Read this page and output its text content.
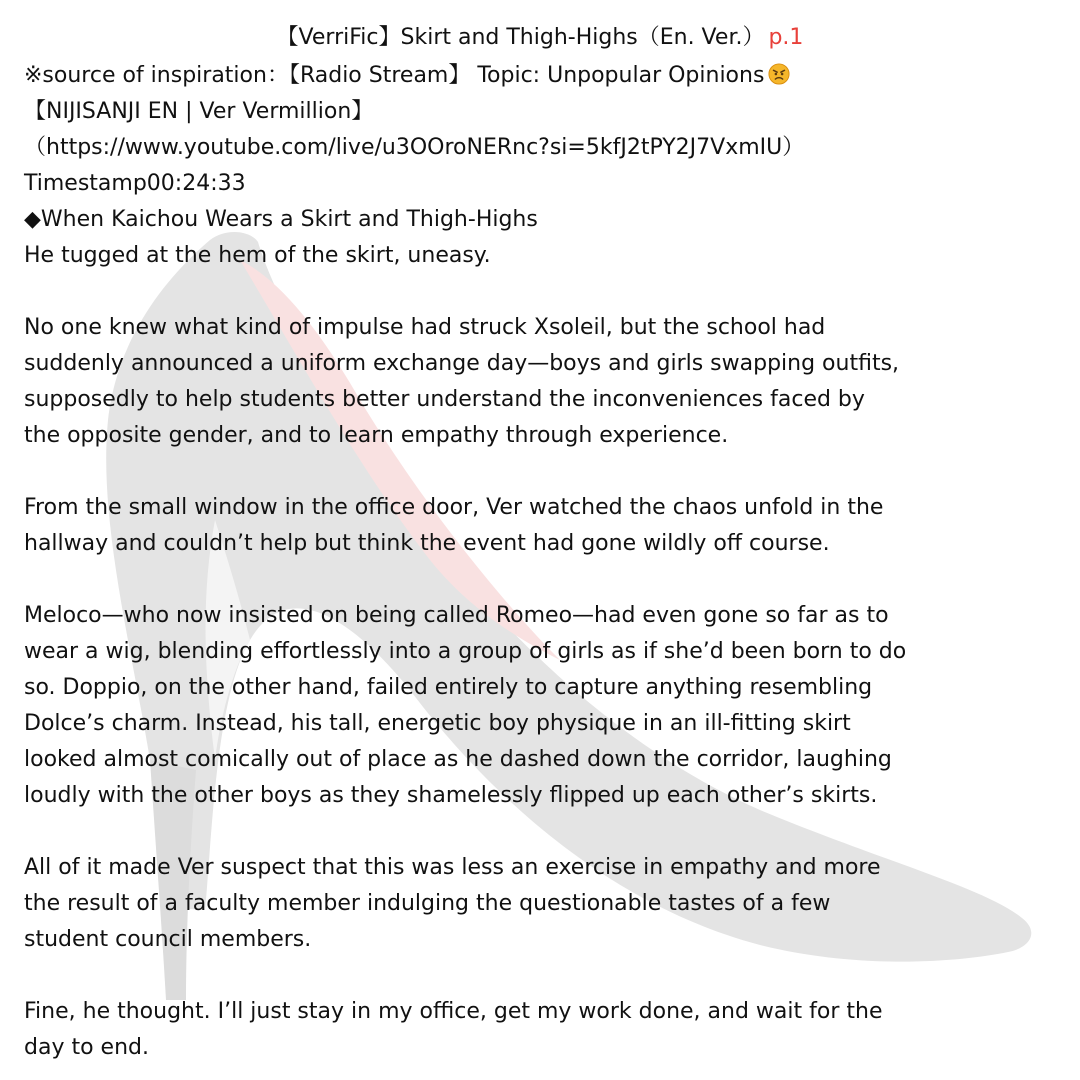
【VerriFic】Skirt and Thigh-Highs（En. Ver.） p.1
※source of inspiration：【Radio Stream】 Topic: Unpopular Opinions
【NIJISANJI EN | Ver Vermillion】
（https://www.youtube.com/live/u3OOroNERnc?si=5kfJ2tPY2J7VxmIU）
Timestamp00:24:33
◆When Kaichou Wears a Skirt and Thigh-Highs
He tugged at the hem of the skirt, uneasy.
No one knew what kind of impulse had struck Xsoleil, but the school had
suddenly announced a uniform exchange day—boys and girls swapping outfits,
supposedly to help students better understand the inconveniences faced by
the opposite gender, and to learn empathy through experience.
From the small window in the office door, Ver watched the chaos unfold in the
hallway and couldn’t help but think the event had gone wildly off course.
Meloco—who now insisted on being called Romeo—had even gone so far as to
wear a wig, blending effortlessly into a group of girls as if she’d been born to do
so. Doppio, on the other hand, failed entirely to capture anything resembling
Dolce’s charm. Instead, his tall, energetic boy physique in an ill-fitting skirt
looked almost comically out of place as he dashed down the corridor, laughing
loudly with the other boys as they shamelessly flipped up each other’s skirts.
All of it made Ver suspect that this was less an exercise in empathy and more
the result of a faculty member indulging the questionable tastes of a few
student council members.
Fine, he thought. I’ll just stay in my office, get my work done, and wait for the
day to end.
